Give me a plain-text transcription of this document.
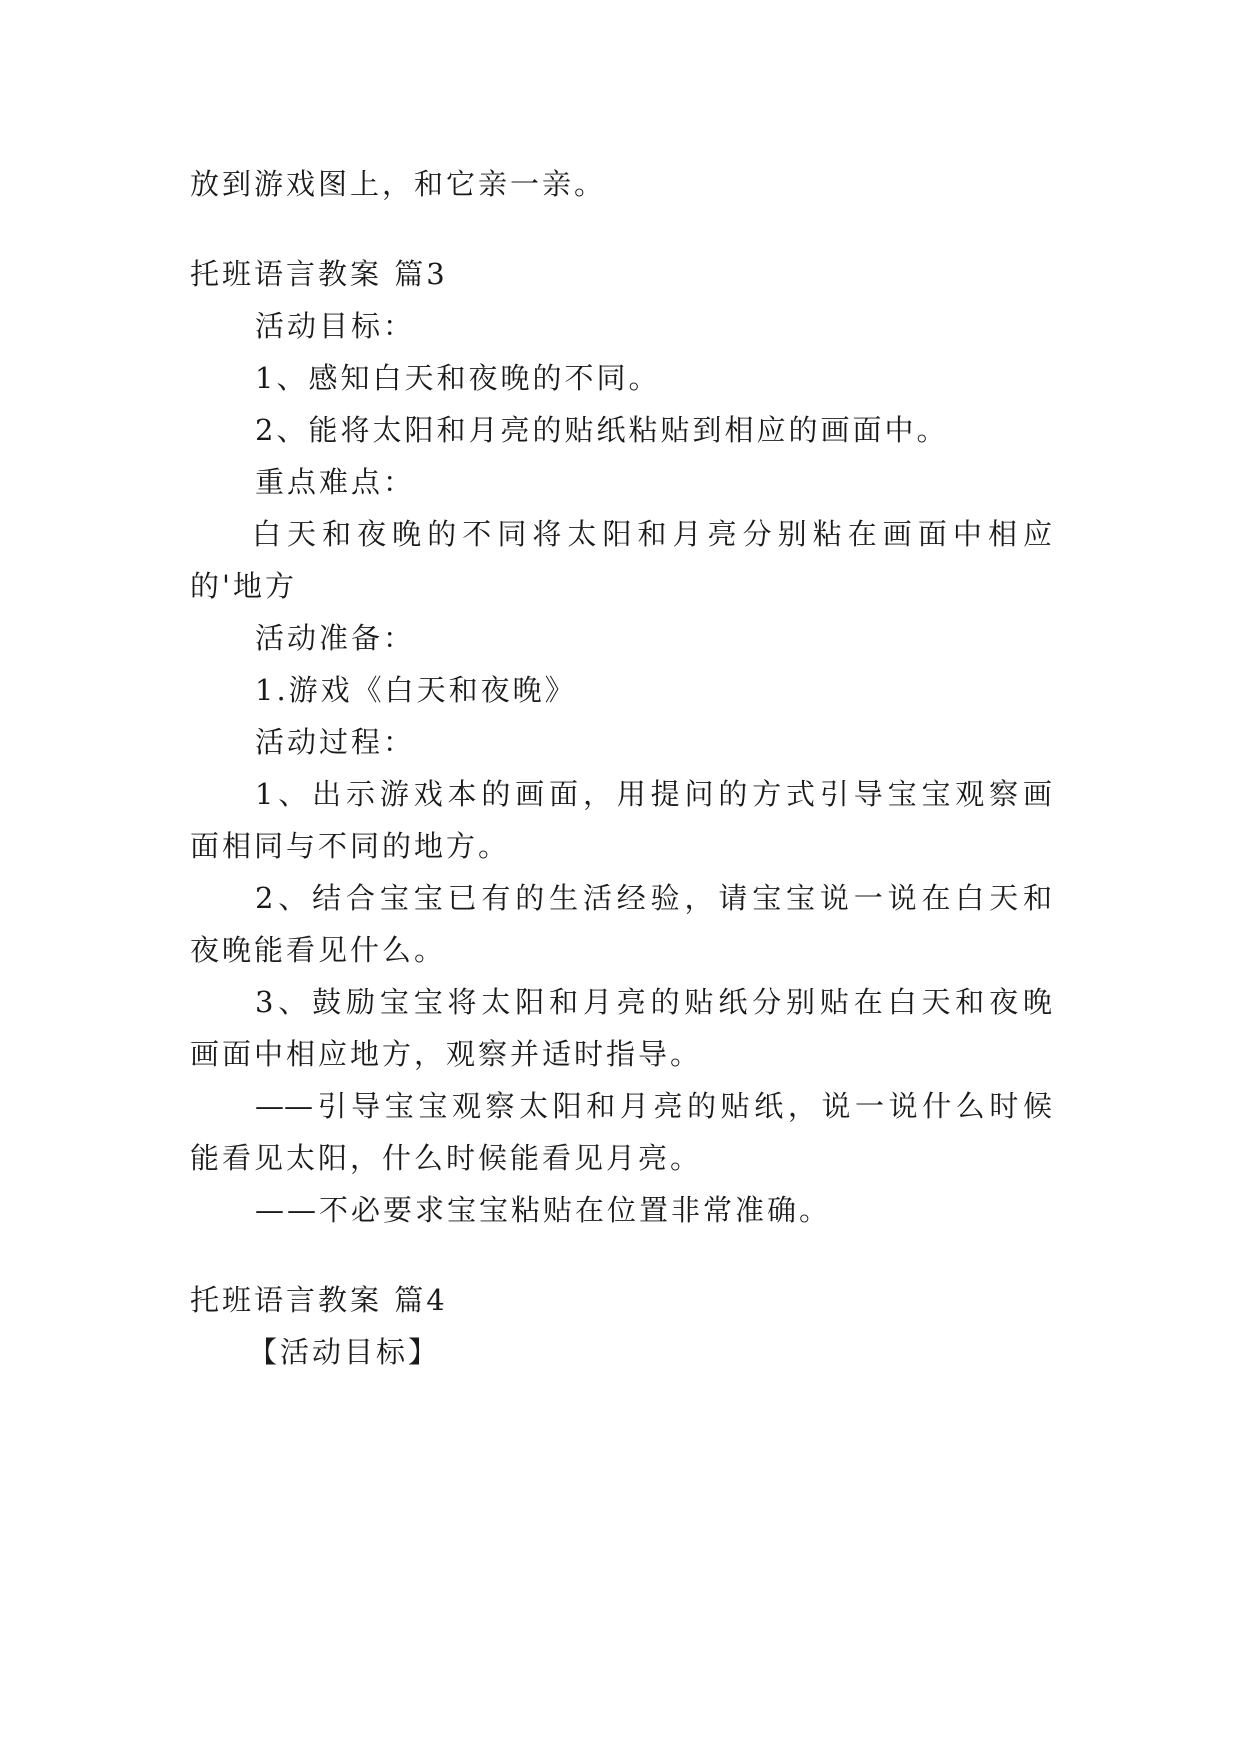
放到游戏图上，和它亲一亲。
托班语言教案 篇3
活动目标：
1、感知白天和夜晚的不同。
2、能将太阳和月亮的贴纸粘贴到相应的画面中。
重点难点：
白天和夜晚的不同将太阳和月亮分别粘在画面中相应
的'地方
活动准备：
1.游戏《白天和夜晚》
活动过程：
1、出示游戏本的画面，用提问的方式引导宝宝观察画
面相同与不同的地方。
2、结合宝宝已有的生活经验，请宝宝说一说在白天和
夜晚能看见什么。
3、鼓励宝宝将太阳和月亮的贴纸分别贴在白天和夜晚
画面中相应地方，观察并适时指导。
——引导宝宝观察太阳和月亮的贴纸，说一说什么时候
能看见太阳，什么时候能看见月亮。
——不必要求宝宝粘贴在位置非常准确。
托班语言教案 篇4
【活动目标】
